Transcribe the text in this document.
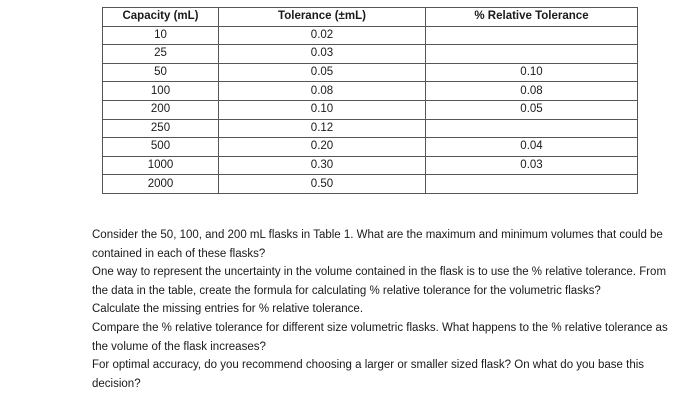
Capacity (mL)	Tolerance (±mL)	% Relative Tolerance
10	0.02	
25	0.03	
50	0.05	0.10
100	0.08	0.08
200	0.10	0.05
250	0.12	
500	0.20	0.04
1000	0.30	0.03
2000	0.50	

Consider the 50, 100, and 200 mL flasks in Table 1. What are the maximum and minimum volumes that could be contained in each of these flasks?

One way to represent the uncertainty in the volume contained in the flask is to use the % relative tolerance. From the data in the table, create the formula for calculating % relative tolerance for the volumetric flasks?

Calculate the missing entries for % relative tolerance.

Compare the % relative tolerance for different size volumetric flasks. What happens to the % relative tolerance as the volume of the flask increases?

For optimal accuracy, do you recommend choosing a larger or smaller sized flask? On what do you base this decision?
